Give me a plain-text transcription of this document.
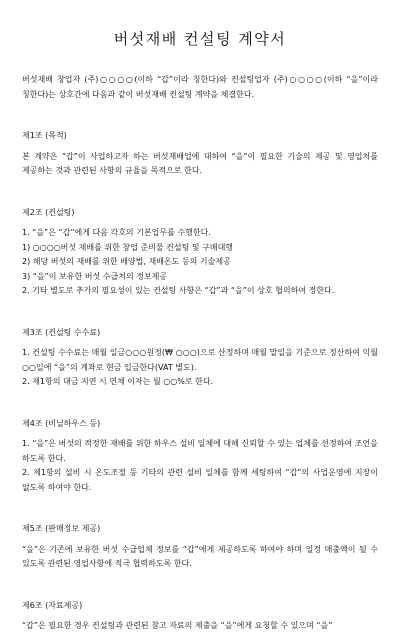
버섯재배 컨설팅 계약서

버섯재배 창업자 (주)○○○○(이하 “갑”이라 칭한다)와 컨설팅업자 (주)○○○○(이하 “을”이라 칭한다)는 상호간에 다음과 같이 버섯재배 컨설팅 계약을 체결한다.

제1조 (목적)

본 계약은 “갑”이 사업하고자 하는 버섯재배업에 대하여 “을”이 필요한 기술의 제공 및 영업처를 제공하는 것과 관련된 사항의 규율을 목적으로 한다.

제2조 (컨설팅)

1. “을”은 “갑”에게 다음 각호의 기본업무를 수행한다.
1) ○○○○버섯 재배를 위한 창업 준비물 컨설팅 및 구매대행
2) 해당 버섯의 재배를 위한 배양법, 재배온도 등의 기술제공
3) “을”이 보유한 버섯 수급처의 정보제공
2. 기타 별도로 추가의 필요성이 있는 컨설팅 사항은 “갑”과 “을”이 상호 협의하여 정한다.

제3조 (컨설팅 수수료)

1. 컨설팅 수수료는 매월 일금○○○원정(₩ ○○○)으로 산정하며 매월 말일을 기준으로 정산하여 익월 ○○일에 “을”의 계좌로 현금 입금한다(VAT 별도).
2. 제1항의 대금 지연 시 연체 이자는 월 ○○%로 한다.

제4조 (비닐하우스 등)

1. “을”은 버섯의 적정한 재배를 위한 하우스 설비 일체에 대해 신뢰할 수 있는 업체를 선정하여 조언을 하도록 한다.
2. 제1항의 설비 시 온도조절 등 기타의 관련 설비 일체를 함께 세팅하여 “갑”의 사업운영에 지장이 없도록 하여야 한다.

제5조 (판매정보 제공)

“을”은 기존에 보유한 버섯 수급업체 정보를 “갑”에게 제공하도록 하여야 하며 일정 매출액이 될 수 있도록 관련된 영업사항에 적극 협력하도록 한다.

제6조 (자료제공)

“갑”은 필요한 경우 컨설팅과 관련된 참고 자료의 제출을 “을”에게 요청할 수 있으며 “을”
